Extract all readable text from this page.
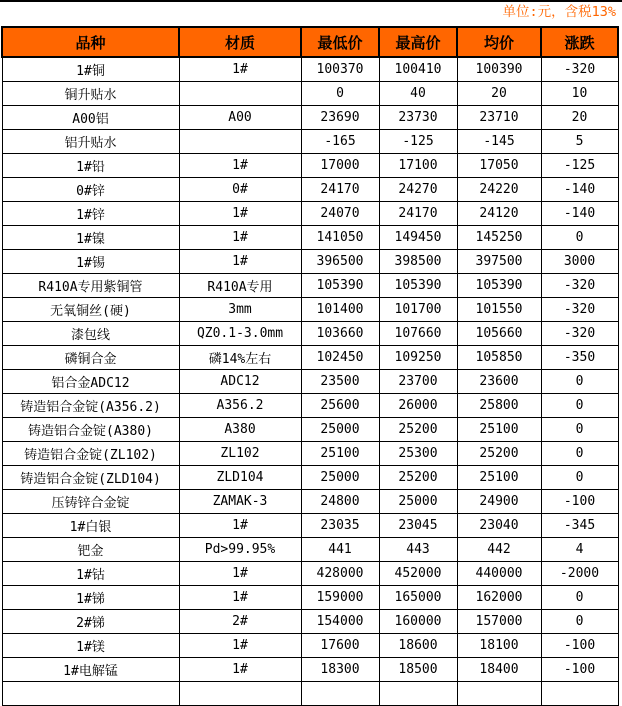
单位:元，含税13%
品种	材质	最低价	最高价	均价	涨跌
1#铜	1#	100370	100410	100390	-320
铜升贴水		0	40	20	10
A00铝	A00	23690	23730	23710	20
铝升贴水		-165	-125	-145	5
1#铅	1#	17000	17100	17050	-125
0#锌	0#	24170	24270	24220	-140
1#锌	1#	24070	24170	24120	-140
1#镍	1#	141050	149450	145250	0
1#锡	1#	396500	398500	397500	3000
R410A专用紫铜管	R410A专用	105390	105390	105390	-320
无氧铜丝(硬)	3mm	101400	101700	101550	-320
漆包线	QZ0.1-3.0mm	103660	107660	105660	-320
磷铜合金	磷14%左右	102450	109250	105850	-350
铝合金ADC12	ADC12	23500	23700	23600	0
铸造铝合金锭(A356.2)	A356.2	25600	26000	25800	0
铸造铝合金锭(A380)	A380	25000	25200	25100	0
铸造铝合金锭(ZL102)	ZL102	25100	25300	25200	0
铸造铝合金锭(ZLD104)	ZLD104	25000	25200	25100	0
压铸锌合金锭	ZAMAK-3	24800	25000	24900	-100
1#白银	1#	23035	23045	23040	-345
钯金	Pd>99.95%	441	443	442	4
1#钴	1#	428000	452000	440000	-2000
1#锑	1#	159000	165000	162000	0
2#锑	2#	154000	160000	157000	0
1#镁	1#	17600	18600	18100	-100
1#电解锰	1#	18300	18500	18400	-100
